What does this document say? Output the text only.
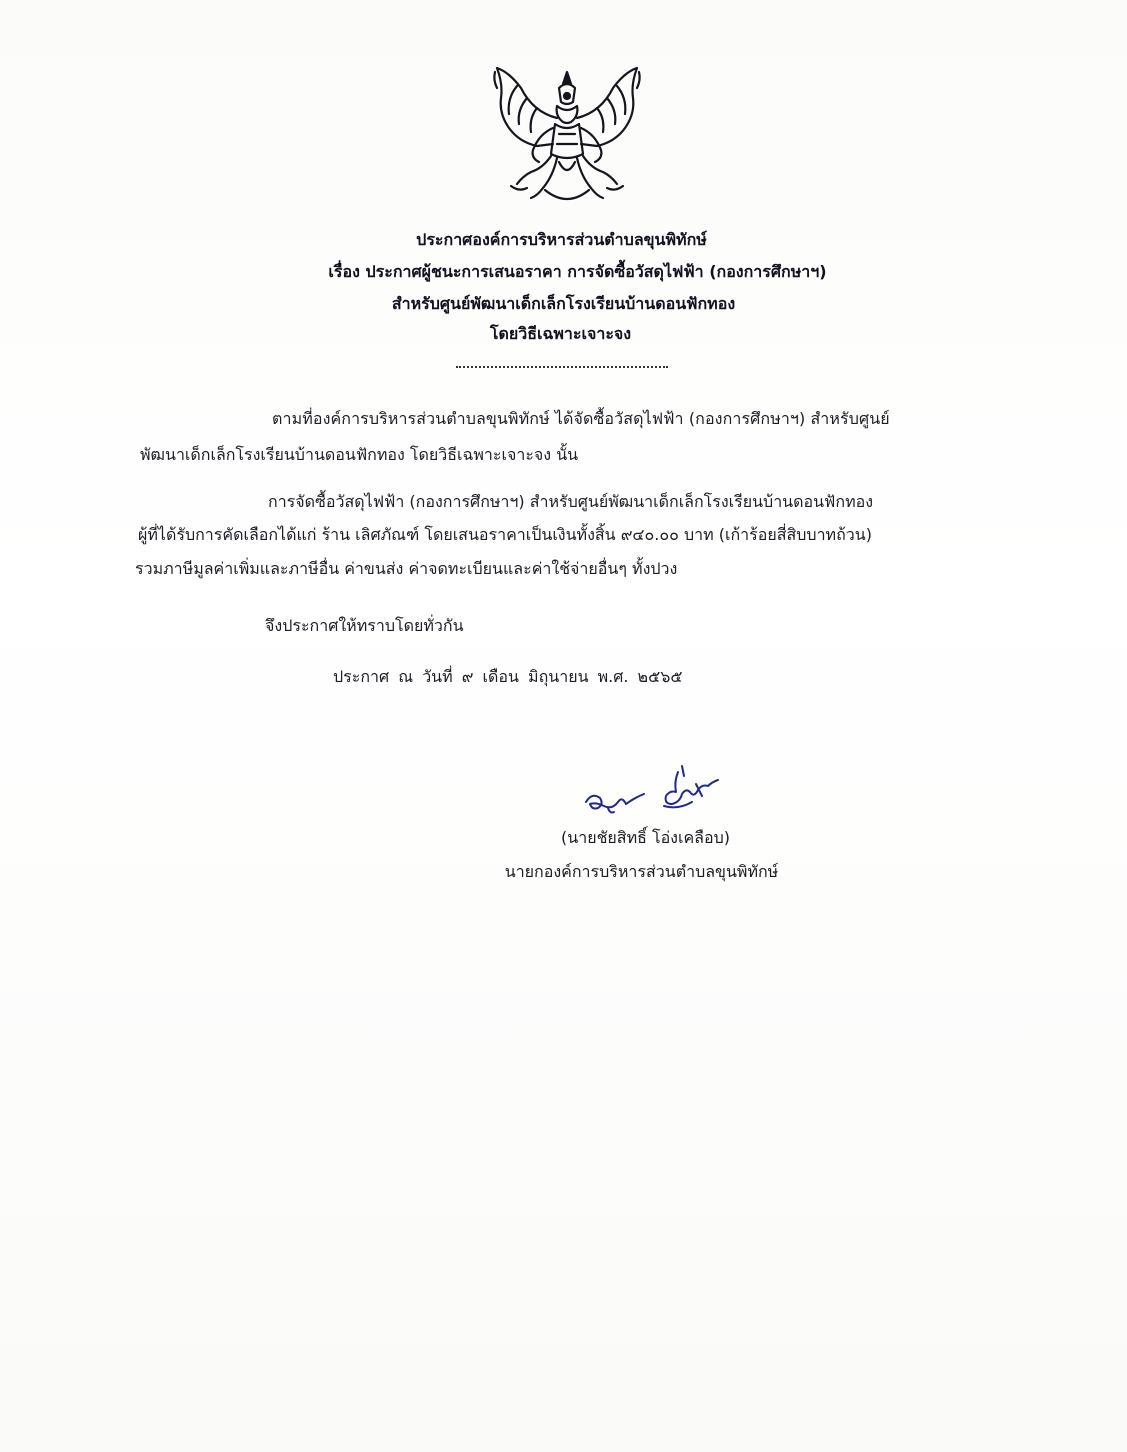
ประกาศองค์การบริหารส่วนตำบลขุนพิทักษ์
เรื่อง ประกาศผู้ชนะการเสนอราคา การจัดซื้อวัสดุไฟฟ้า (กองการศึกษาฯ)
สำหรับศูนย์พัฒนาเด็กเล็กโรงเรียนบ้านดอนฟักทอง
โดยวิธีเฉพาะเจาะจง
ตามที่องค์การบริหารส่วนตำบลขุนพิทักษ์ ได้จัดซื้อวัสดุไฟฟ้า (กองการศึกษาฯ) สำหรับศูนย์
พัฒนาเด็กเล็กโรงเรียนบ้านดอนฟักทอง โดยวิธีเฉพาะเจาะจง นั้น
การจัดซื้อวัสดุไฟฟ้า (กองการศึกษาฯ) สำหรับศูนย์พัฒนาเด็กเล็กโรงเรียนบ้านดอนฟักทอง
ผู้ที่ได้รับการคัดเลือกได้แก่ ร้าน เลิศภัณฑ์ โดยเสนอราคาเป็นเงินทั้งสิ้น ๙๔๐.๐๐ บาท (เก้าร้อยสี่สิบบาทถ้วน)
รวมภาษีมูลค่าเพิ่มและภาษีอื่น ค่าขนส่ง ค่าจดทะเบียนและค่าใช้จ่ายอื่นๆ ทั้งปวง
จึงประกาศให้ทราบโดยทั่วกัน
ประกาศ ณ วันที่ ๙ เดือน มิถุนายน พ.ศ. ๒๕๖๕
(นายชัยสิทธิ์ โอ่งเคลือบ)
นายกองค์การบริหารส่วนตำบลขุนพิทักษ์
